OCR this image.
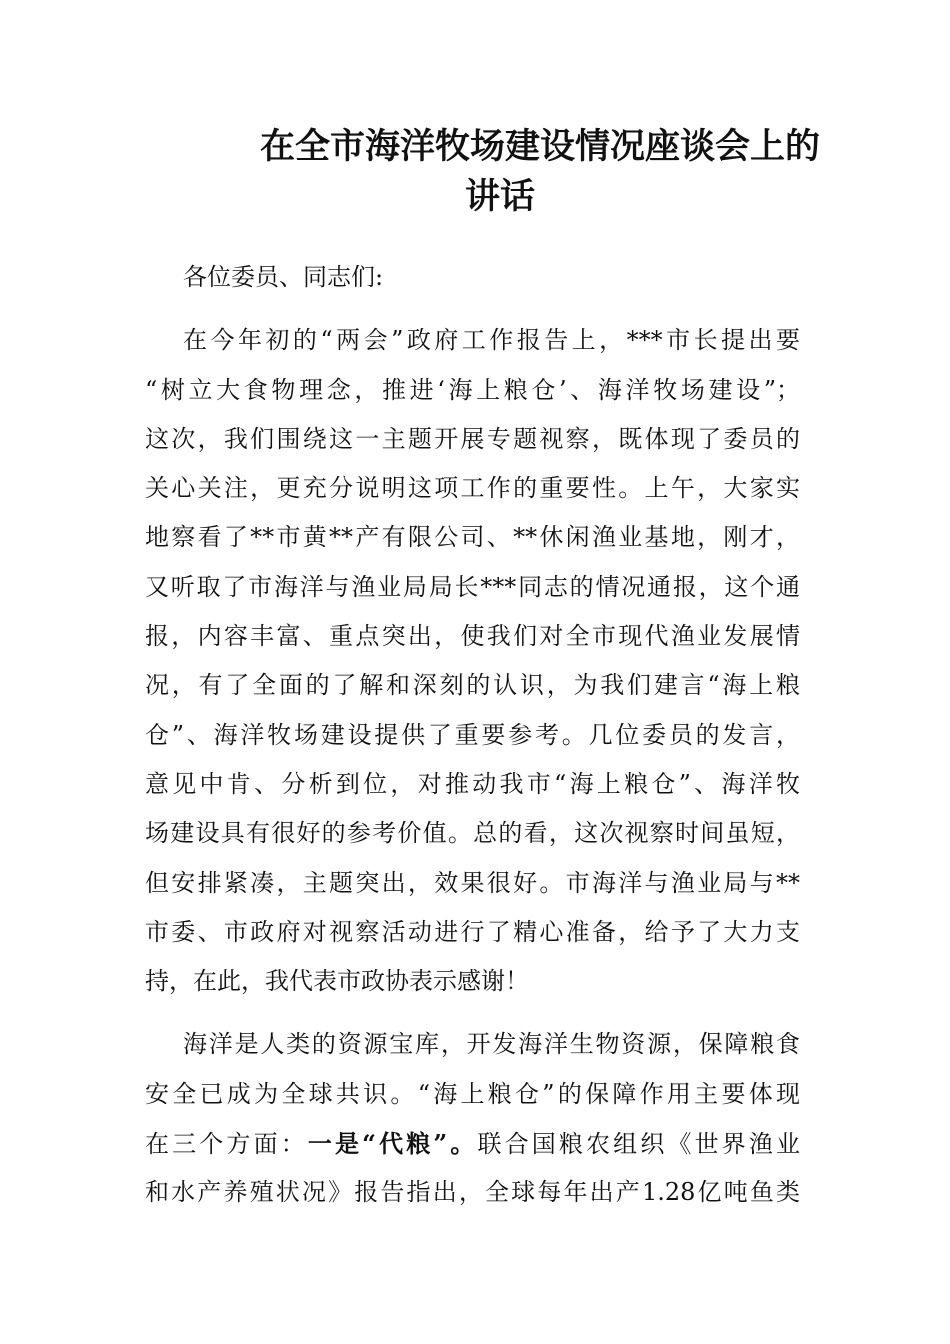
在全市海洋牧场建设情况座谈会上的
讲话
各位委员、同志们:
在今年初的“两会”政府工作报告上，***市长提出要
“树立大食物理念，推进‘海上粮仓’、海洋牧场建设”；
这次，我们围绕这一主题开展专题视察，既体现了委员的
关心关注，更充分说明这项工作的重要性。上午，大家实
地察看了**市黄**产有限公司、**休闲渔业基地，刚才，
又听取了市海洋与渔业局局长***同志的情况通报，这个通
报，内容丰富、重点突出，使我们对全市现代渔业发展情
况，有了全面的了解和深刻的认识，为我们建言“海上粮
仓”、海洋牧场建设提供了重要参考。几位委员的发言，
意见中肯、分析到位，对推动我市“海上粮仓”、海洋牧
场建设具有很好的参考价值。总的看，这次视察时间虽短，
但安排紧凑，主题突出，效果很好。市海洋与渔业局与**
市委、市政府对视察活动进行了精心准备，给予了大力支
持，在此，我代表市政协表示感谢！
海洋是人类的资源宝库，开发海洋生物资源，保障粮食
安全已成为全球共识。“海上粮仓”的保障作用主要体现
在三个方面：一是“代粮”。联合国粮农组织《世界渔业
和水产养殖状况》报告指出，全球每年出产1.28亿吨鱼类
